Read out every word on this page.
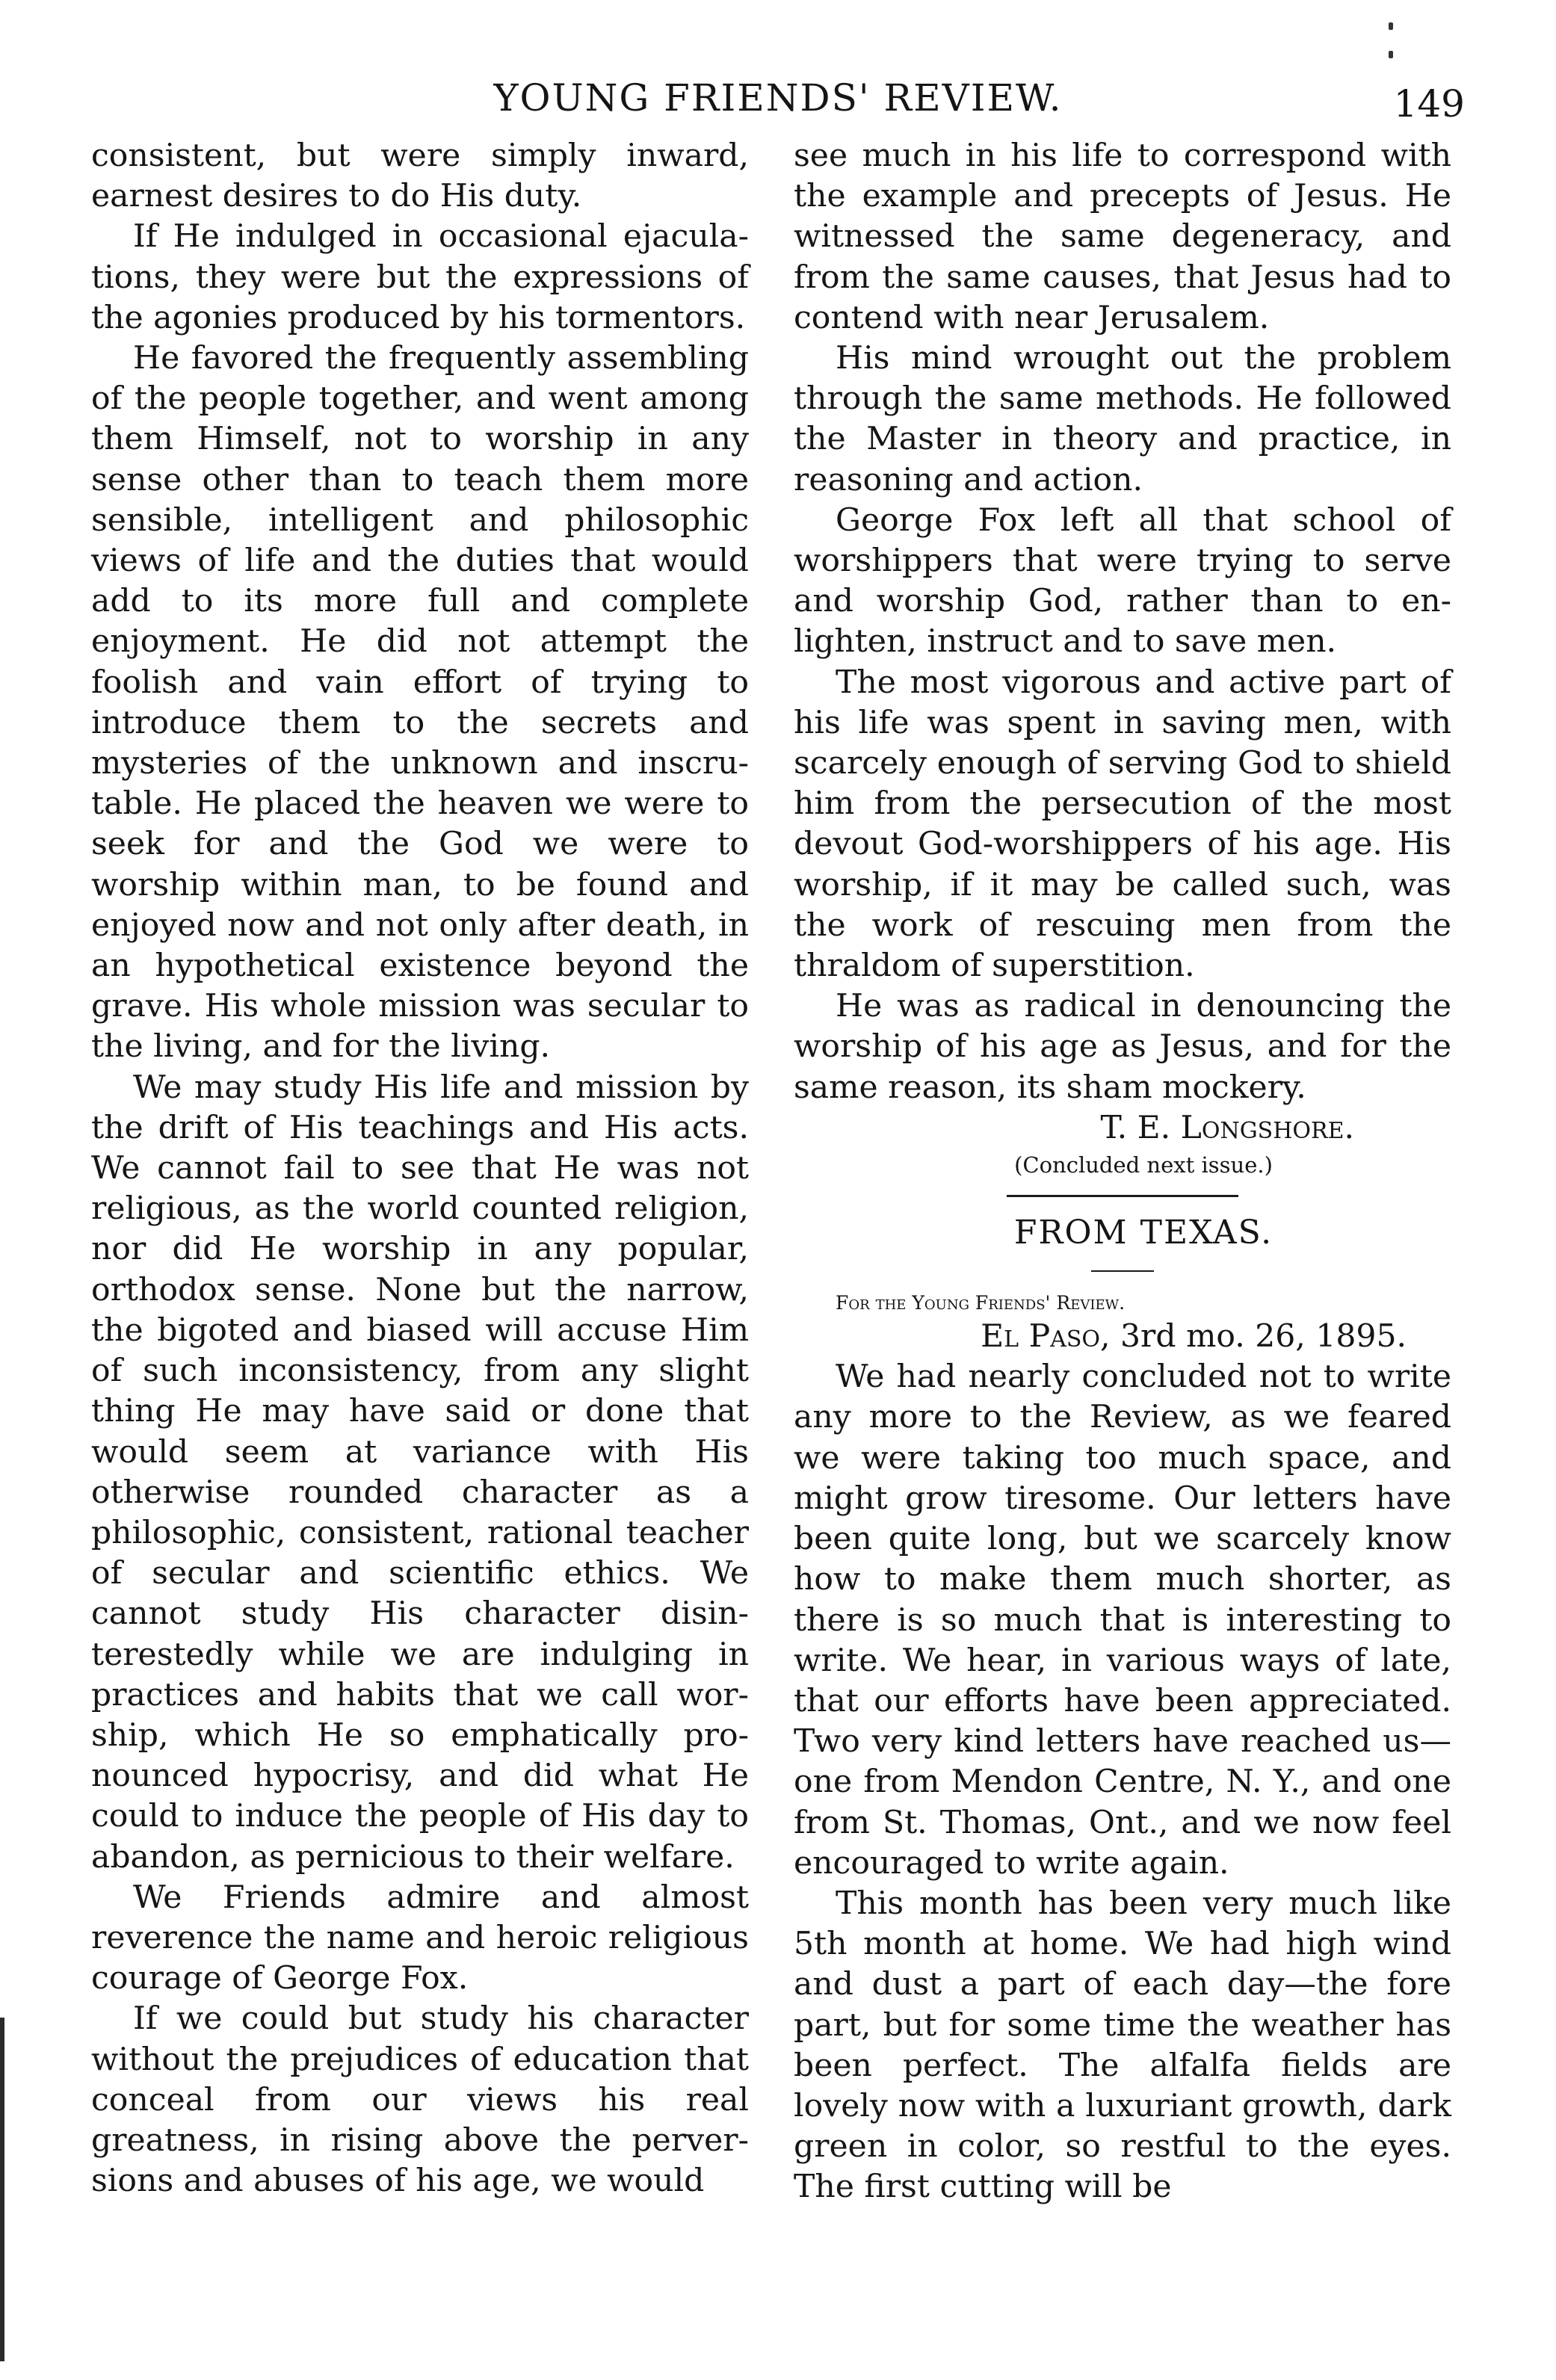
YOUNG FRIENDS' REVIEW.	149

consistent, but were simply inward, earnest desires to do His duty.

If He indulged in occasional ejaculations, they were but the expressions of the agonies produced by his tormentors.

He favored the frequently assembling of the people together, and went among them Himself, not to worship in any sense other than to teach them more sensible, intelligent and philosophic views of life and the duties that would add to its more full and complete enjoyment. He did not attempt the foolish and vain effort of trying to introduce them to the secrets and mysteries of the unknown and inscrutable. He placed the heaven we were to seek for and the God we were to worship within man, to be found and enjoyed now and not only after death, in an hypothetical existence beyond the grave. His whole mission was secular to the living, and for the living.

We may study His life and mission by the drift of His teachings and His acts. We cannot fail to see that He was not religious, as the world counted religion, nor did He worship in any popular, orthodox sense. None but the narrow, the bigoted and biased will accuse Him of such inconsistency, from any slight thing He may have said or done that would seem at variance with His otherwise rounded character as a philosophic, consistent, rational teacher of secular and scientific ethics. We cannot study His character disinterestedly while we are indulging in practices and habits that we call worship, which He so emphatically pronounced hypocrisy, and did what He could to induce the people of His day to abandon, as pernicious to their welfare.

We Friends admire and almost reverence the name and heroic religious courage of George Fox.

If we could but study his character without the prejudices of education that conceal from our views his real greatness, in rising above the perversions and abuses of his age, we would

see much in his life to correspond with the example and precepts of Jesus. He witnessed the same degeneracy, and from the same causes, that Jesus had to contend with near Jerusalem.

His mind wrought out the problem through the same methods. He followed the Master in theory and practice, in reasoning and action.

George Fox left all that school of worshippers that were trying to serve and worship God, rather than to enlighten, instruct and to save men.

The most vigorous and active part of his life was spent in saving men, with scarcely enough of serving God to shield him from the persecution of the most devout God-worshippers of his age. His worship, if it may be called such, was the work of rescuing men from the thraldom of superstition.

He was as radical in denouncing the worship of his age as Jesus, and for the same reason, its sham mockery.

T. E. Longshore.

(Concluded next issue.)

FROM TEXAS.

For the Young Friends' Review.

El Paso, 3rd mo. 26, 1895.

We had nearly concluded not to write any more to the Review, as we feared we were taking too much space, and might grow tiresome. Our letters have been quite long, but we scarcely know how to make them much shorter, as there is so much that is interesting to write. We hear, in various ways of late, that our efforts have been appreciated. Two very kind letters have reached us—one from Mendon Centre, N. Y., and one from St. Thomas, Ont., and we now feel encouraged to write again.

This month has been very much like 5th month at home. We had high wind and dust a part of each day—the fore part, but for some time the weather has been perfect. The alfalfa fields are lovely now with a luxuriant growth, dark green in color, so restful to the eyes. The first cutting will be
